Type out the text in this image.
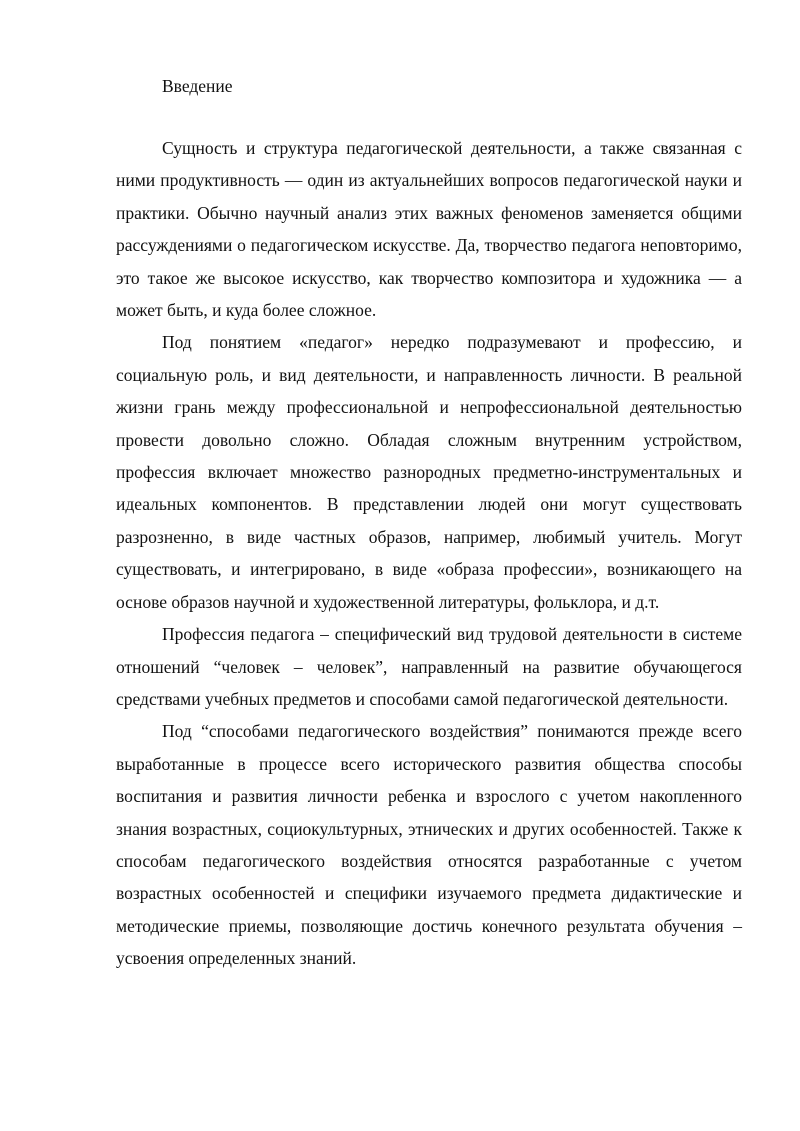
Введение

Сущность и структура педагогической деятельности, а также связанная с ними продуктивность — один из актуальнейших вопросов педагогической науки и практики. Обычно научный анализ этих важных феноменов заменяется общими рассуждениями о педагогическом искусстве. Да, творчество педагога неповторимо, это такое же высокое искусство, как творчество композитора и художника — а может быть, и куда более сложное.

Под понятием «педагог» нередко подразумевают и профессию, и социальную роль, и вид деятельности, и направленность личности. В реальной жизни грань между профессиональной и непрофессиональной деятельностью провести довольно сложно. Обладая сложным внутренним устройством, профессия включает множество разнородных предметно-инструментальных и идеальных компонентов. В представлении людей они могут существовать разрозненно, в виде частных образов, например, любимый учитель. Могут существовать, и интегрировано, в виде «образа профессии», возникающего на основе образов научной и художественной литературы, фольклора, и д.т.

Профессия педагога – специфический вид трудовой деятельности в системе отношений “человек – человек”, направленный на развитие обучающегося средствами учебных предметов и способами самой педагогической деятельности.

Под “способами педагогического воздействия” понимаются прежде всего выработанные в процессе всего исторического развития общества способы воспитания и развития личности ребенка и взрослого с учетом накопленного знания возрастных, социокультурных, этнических и других особенностей. Также к способам педагогического воздействия относятся разработанные с учетом возрастных особенностей и специфики изучаемого предмета дидактические и методические приемы, позволяющие достичь конечного результата обучения – усвоения определенных знаний.
